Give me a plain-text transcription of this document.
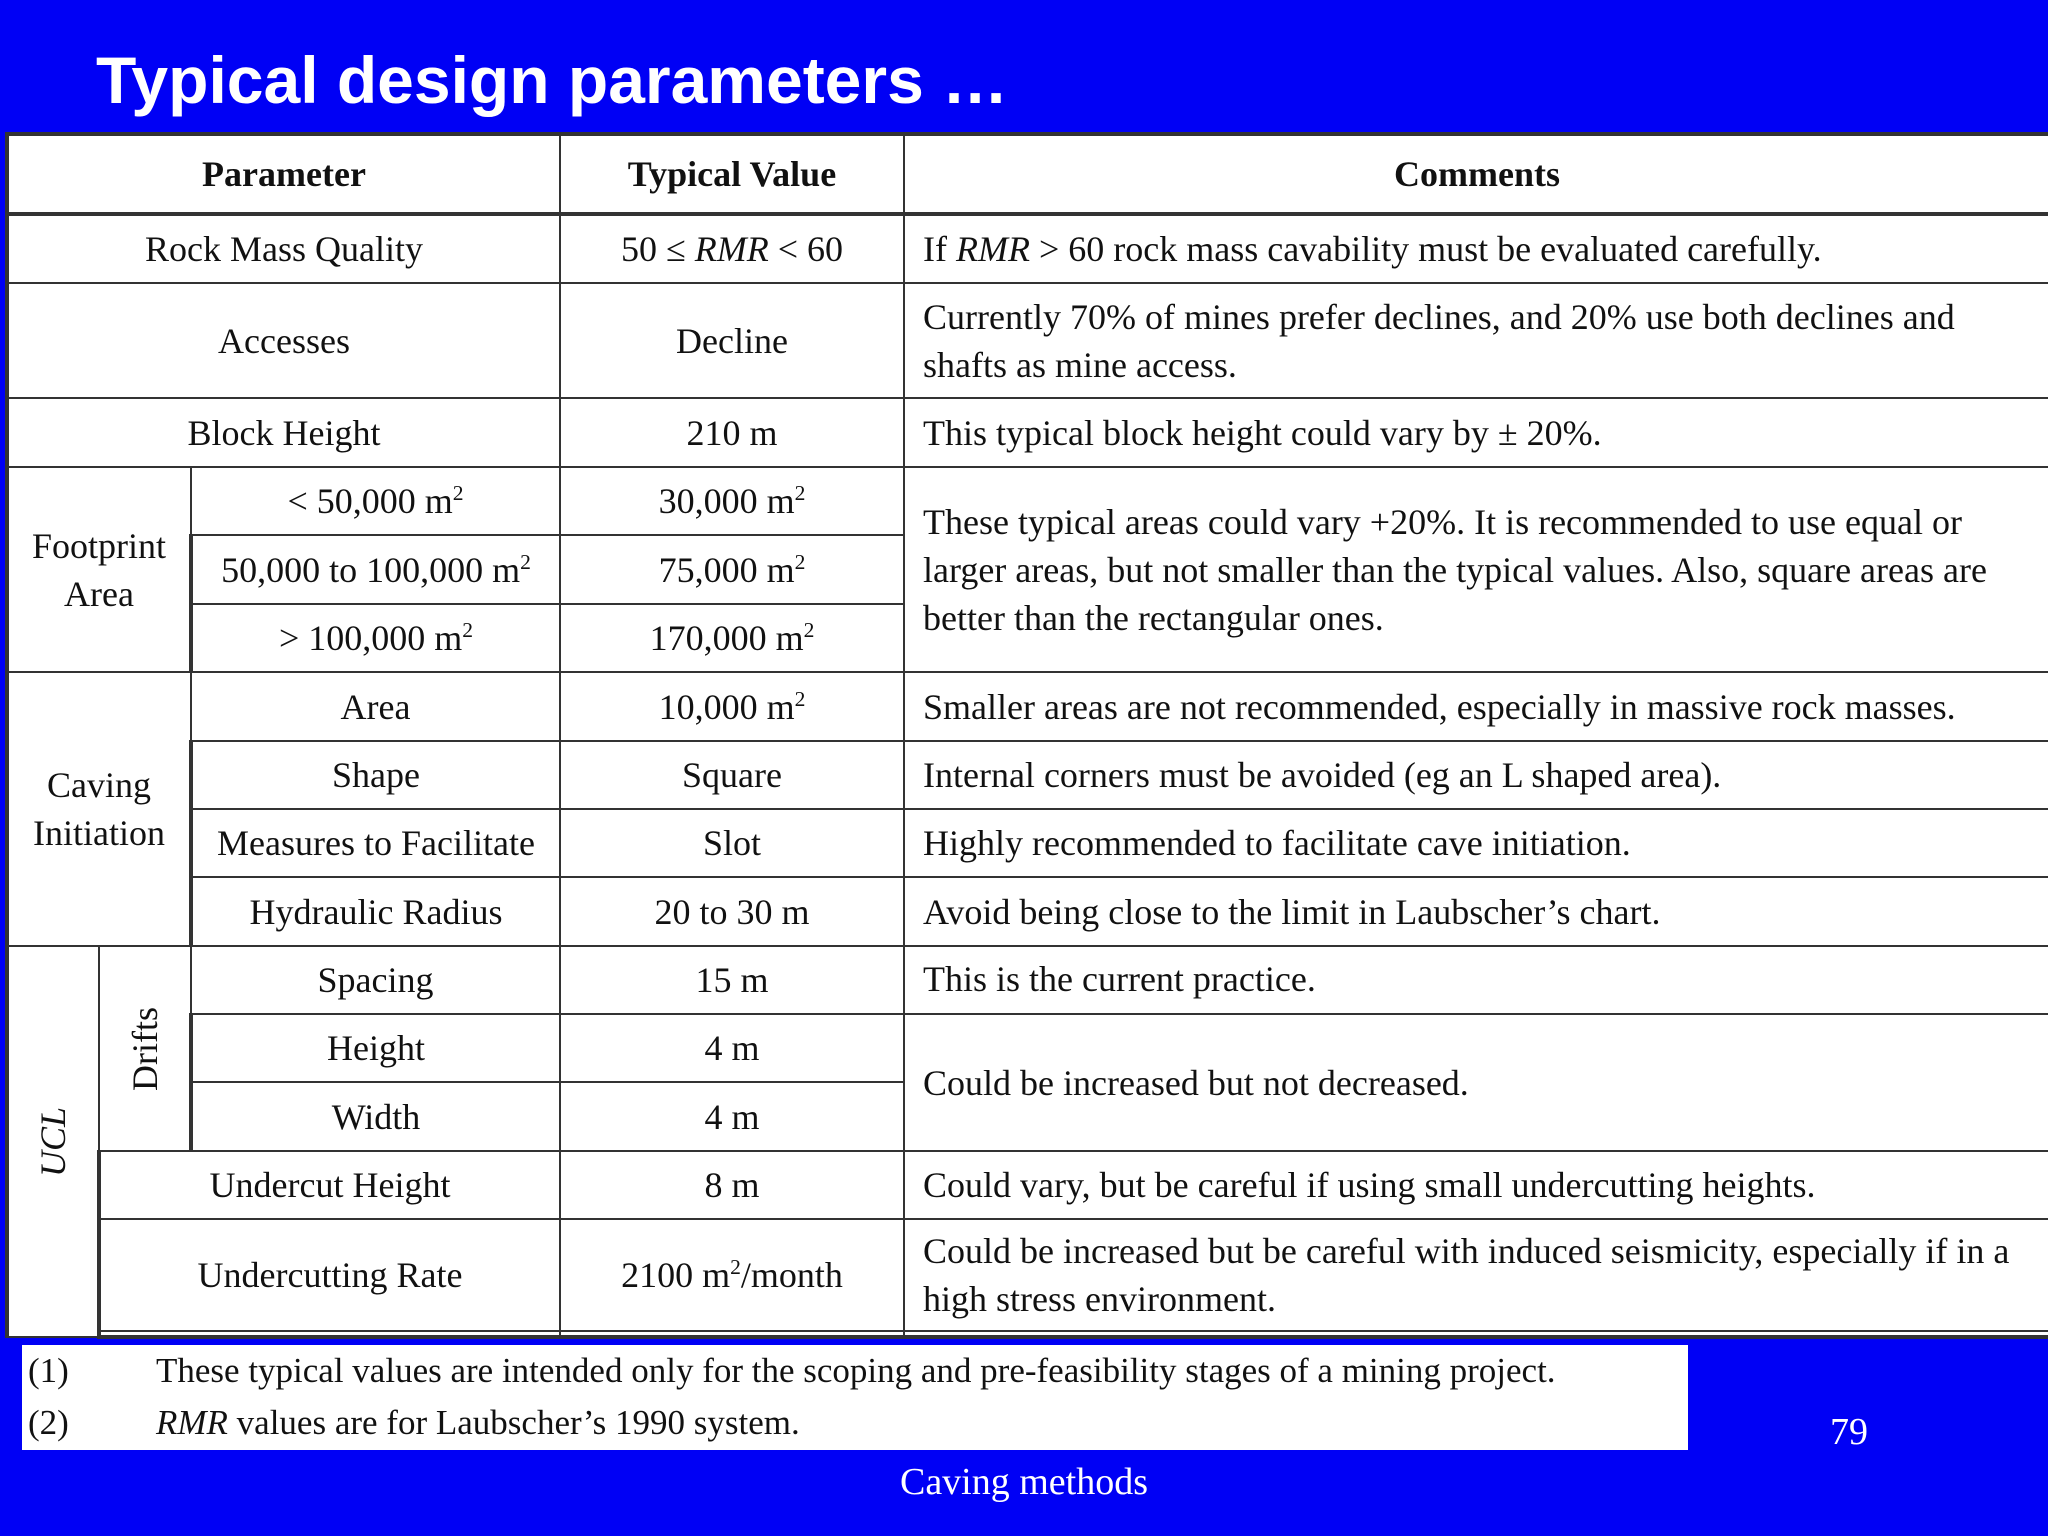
Typical design parameters …
Parameter			Typical Value	Comments
Rock Mass Quality			50 ≤ RMR < 60	If RMR > 60 rock mass cavability must be evaluated carefully.
Accesses			Decline	Currently 70% of mines prefer declines, and 20% use both declines and shafts as mine access.
Block Height			210 m	This typical block height could vary by ± 20%.
Footprint Area		< 50,000 $m^2$	30,000 $m^2$	These typical areas could vary +20%. It is recommended to use equal or larger areas, but not smaller than the typical values. Also, square areas are better than the rectangular ones.
		50,000 to 100,000 $m^2$	75,000 $m^2$
		> 100,000 $m^2$	170,000 $m^2$
Caving Initiation		Area	10,000 $m^2$	Smaller areas are not recommended, especially in massive rock masses.
		Shape	Square	Internal corners must be avoided (eg an L shaped area).
		Measures to Facilitate	Slot	Highly recommended to facilitate cave initiation.
		Hydraulic Radius	20 to 30 m	Avoid being close to the limit in Laubscher’s chart.
UCL	Drifts	Spacing	15 m	This is the current practice.
		Height	4 m	Could be increased but not decreased.
		Width	4 m	
	Undercut Height		8 m	Could vary, but be careful if using small undercutting heights.
	Undercutting Rate		2100 $m^2$/month	Could be increased but be careful with induced seismicity, especially if in a high stress environment.

(1) These typical values are intended only for the scoping and pre-feasibility stages of a mining project.
(2) RMR values are for Laubscher’s 1990 system.	79
Caving methods
